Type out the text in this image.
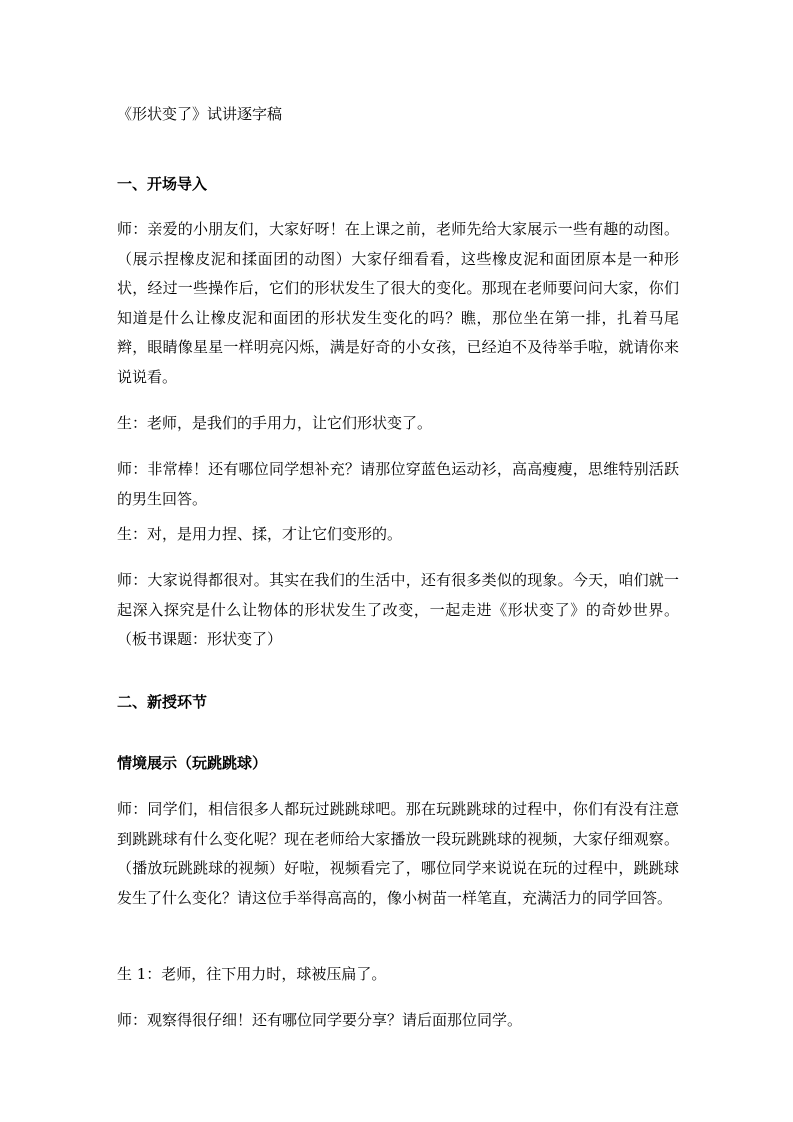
《形状变了》试讲逐字稿
一、开场导入
师：亲爱的小朋友们，大家好呀！在上课之前，老师先给大家展示一些有趣的动图。（展示捏橡皮泥和揉面团的动图）大家仔细看看，这些橡皮泥和面团原本是一种形状，经过一些操作后，它们的形状发生了很大的变化。那现在老师要问问大家，你们知道是什么让橡皮泥和面团的形状发生变化的吗？瞧，那位坐在第一排，扎着马尾辫，眼睛像星星一样明亮闪烁，满是好奇的小女孩，已经迫不及待举手啦，就请你来说说看。
生：老师，是我们的手用力，让它们形状变了。
师：非常棒！还有哪位同学想补充？请那位穿蓝色运动衫，高高瘦瘦，思维特别活跃的男生回答。
生：对，是用力捏、揉，才让它们变形的。
师：大家说得都很对。其实在我们的生活中，还有很多类似的现象。今天，咱们就一起深入探究是什么让物体的形状发生了改变，一起走进《形状变了》的奇妙世界。（板书课题：形状变了）
二、新授环节
情境展示（玩跳跳球）
师：同学们，相信很多人都玩过跳跳球吧。那在玩跳跳球的过程中，你们有没有注意到跳跳球有什么变化呢？现在老师给大家播放一段玩跳跳球的视频，大家仔细观察。（播放玩跳跳球的视频）好啦，视频看完了，哪位同学来说说在玩的过程中，跳跳球发生了什么变化？请这位手举得高高的，像小树苗一样笔直，充满活力的同学回答。
生 1：老师，往下用力时，球被压扁了。
师：观察得很仔细！还有哪位同学要分享？请后面那位同学。
